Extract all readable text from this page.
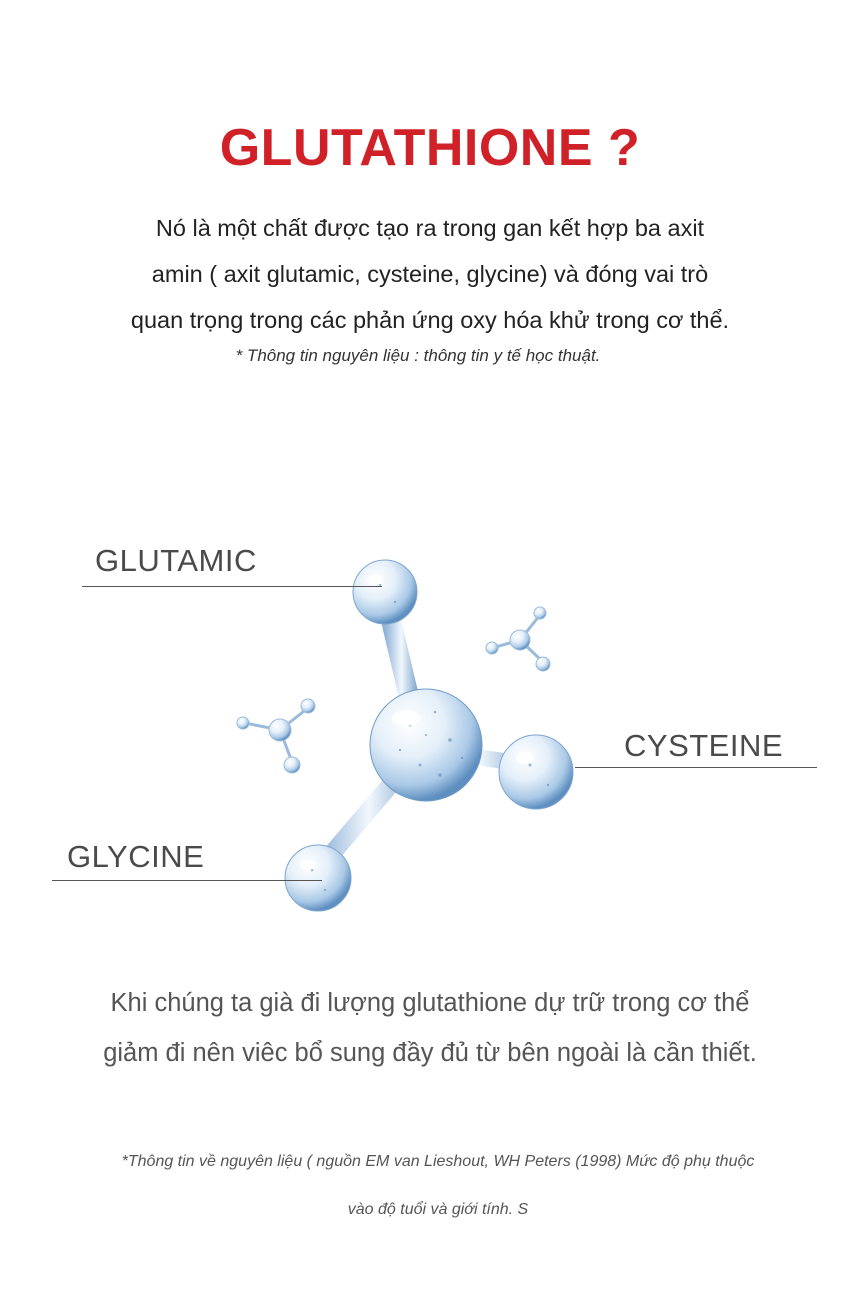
GLUTATHIONE ?
Nó là một chất được tạo ra trong gan kết hợp ba axit
amin ( axit glutamic, cysteine, glycine) và đóng vai trò
quan trọng trong các phản ứng oxy hóa khử trong cơ thể.
* Thông tin nguyên liệu : thông tin y tế học thuật.
GLUTAMIC
CYSTEINE
GLYCINE
Khi chúng ta già đi lượng glutathione dự trữ trong cơ thể
giảm đi nên viêc bổ sung đầy đủ từ bên ngoài là cần thiết.
*Thông tin về nguyên liệu ( nguồn EM van Lieshout, WH Peters (1998) Mức độ phụ thuộc
vào độ tuổi và giới tính. S
